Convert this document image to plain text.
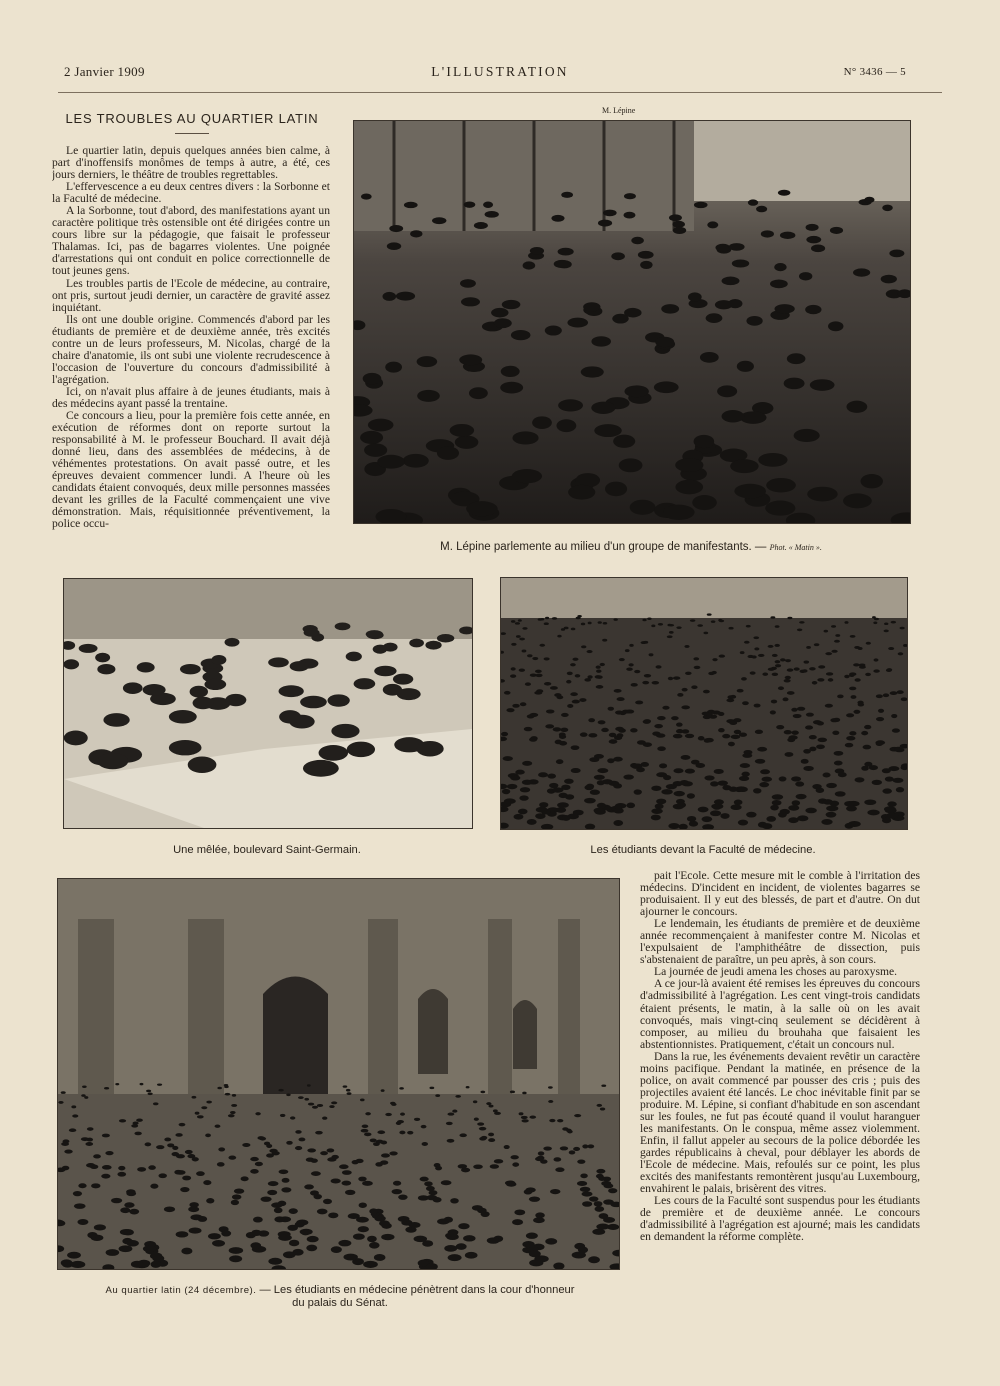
2 Janvier 1909	L'ILLUSTRATION	N° 3436 — 5
LES TROUBLES AU QUARTIER LATIN

Le quartier latin, depuis quelques années bien calme, à part d'inoffensifs monômes de temps à autre, a été, ces jours derniers, le théâtre de troubles regrettables.

L'effervescence a eu deux centres divers : la Sorbonne et la Faculté de médecine.

A la Sorbonne, tout d'abord, des manifestations ayant un caractère politique très ostensible ont été dirigées contre un cours libre sur la pédagogie, que faisait le professeur Thalamas. Ici, pas de bagarres violentes. Une poignée d'arrestations qui ont conduit en police correctionnelle de tout jeunes gens.

Les troubles partis de l'Ecole de médecine, au contraire, ont pris, surtout jeudi dernier, un caractère de gravité assez inquiétant.

Ils ont une double origine. Commencés d'abord par les étudiants de première et de deuxième année, très excités contre un de leurs professeurs, M. Nicolas, chargé de la chaire d'anatomie, ils ont subi une violente recrudescence à l'occasion de l'ouverture du concours d'admissibilité à l'agrégation.

Ici, on n'avait plus affaire à de jeunes étudiants, mais à des médecins ayant passé la trentaine.

Ce concours a lieu, pour la première fois cette année, en exécution de réformes dont on reporte surtout la responsabilité à M. le professeur Bouchard. Il avait déjà donné lieu, dans des assemblées de médecins, à de véhémentes protestations. On avait passé outre, et les épreuves devaient commencer lundi. A l'heure où les candidats étaient convoqués, deux mille personnes massées devant les grilles de la Faculté commençaient une vive démonstration. Mais, réquisitionnée préventivement, la police occu-

M. Lépine
M. Lépine parlemente au milieu d'un groupe de manifestants. — Phot. « Matin ».
Une mêlée, boulevard Saint-Germain.	Les étudiants devant la Faculté de médecine.
Au quartier latin (24 décembre). — Les étudiants en médecine pénètrent dans la cour d'honneur du palais du Sénat.

pait l'Ecole. Cette mesure mit le comble à l'irritation des médecins. D'incident en incident, de violentes bagarres se produisaient. Il y eut des blessés, de part et d'autre. On dut ajourner le concours.

Le lendemain, les étudiants de première et de deuxième année recommençaient à manifester contre M. Nicolas et l'expulsaient de l'amphithéâtre de dissection, puis s'abstenaient de paraître, un peu après, à son cours.

La journée de jeudi amena les choses au paroxysme.

A ce jour-là avaient été remises les épreuves du concours d'admissibilité à l'agrégation. Les cent vingt-trois candidats étaient présents, le matin, à la salle où on les avait convoqués, mais vingt-cinq seulement se décidèrent à composer, au milieu du brouhaha que faisaient les abstentionnistes. Pratiquement, c'était un concours nul.

Dans la rue, les événements devaient revêtir un caractère moins pacifique. Pendant la matinée, en présence de la police, on avait commencé par pousser des cris ; puis des projectiles avaient été lancés. Le choc inévitable finit par se produire. M. Lépine, si confiant d'habitude en son ascendant sur les foules, ne fut pas écouté quand il voulut haranguer les manifestants. On le conspua, même assez violemment. Enfin, il fallut appeler au secours de la police débordée les gardes républicains à cheval, pour déblayer les abords de l'Ecole de médecine. Mais, refoulés sur ce point, les plus excités des manifestants remontèrent jusqu'au Luxembourg, envahirent le palais, brisèrent des vitres.

Les cours de la Faculté sont suspendus pour les étudiants de première et de deuxième année. Le concours d'admissibilité à l'agrégation est ajourné; mais les candidats en demandent la réforme complète.
